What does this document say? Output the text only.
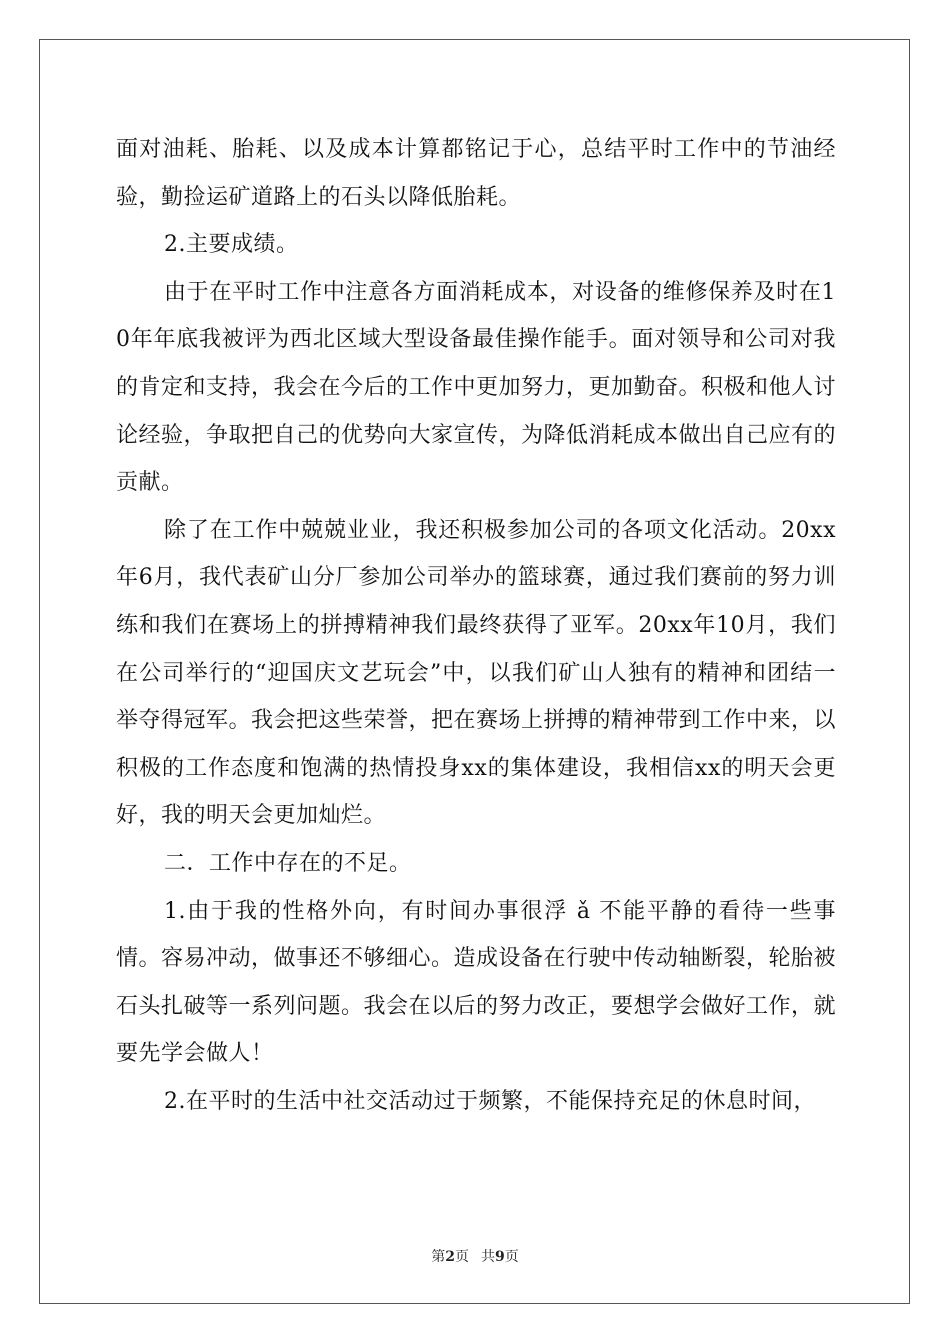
面对油耗、胎耗、以及成本计算都铭记于心，总结平时工作中的节油经验，勤捡运矿道路上的石头以降低胎耗。

2.主要成绩。

由于在平时工作中注意各方面消耗成本，对设备的维修保养及时在10年年底我被评为西北区域大型设备最佳操作能手。面对领导和公司对我的肯定和支持，我会在今后的工作中更加努力，更加勤奋。积极和他人讨论经验，争取把自己的优势向大家宣传，为降低消耗成本做出自己应有的贡献。

除了在工作中兢兢业业，我还积极参加公司的各项文化活动。20xx年6月，我代表矿山分厂参加公司举办的篮球赛，通过我们赛前的努力训练和我们在赛场上的拼搏精神我们最终获得了亚军。20xx年10月，我们在公司举行的“迎国庆文艺玩会”中，以我们矿山人独有的精神和团结一举夺得冠军。我会把这些荣誉，把在赛场上拼搏的精神带到工作中来，以积极的工作态度和饱满的热情投身xx的集体建设，我相信xx的明天会更好，我的明天会更加灿烂。

二．工作中存在的不足。

1.由于我的性格外向，有时间办事很浮 ǎ 不能平静的看待一些事情。容易冲动，做事还不够细心。造成设备在行驶中传动轴断裂，轮胎被石头扎破等一系列问题。我会在以后的努力改正，要想学会做好工作，就要先学会做人！

2.在平时的生活中社交活动过于频繁，不能保持充足的休息时间，

第2页 共9页
